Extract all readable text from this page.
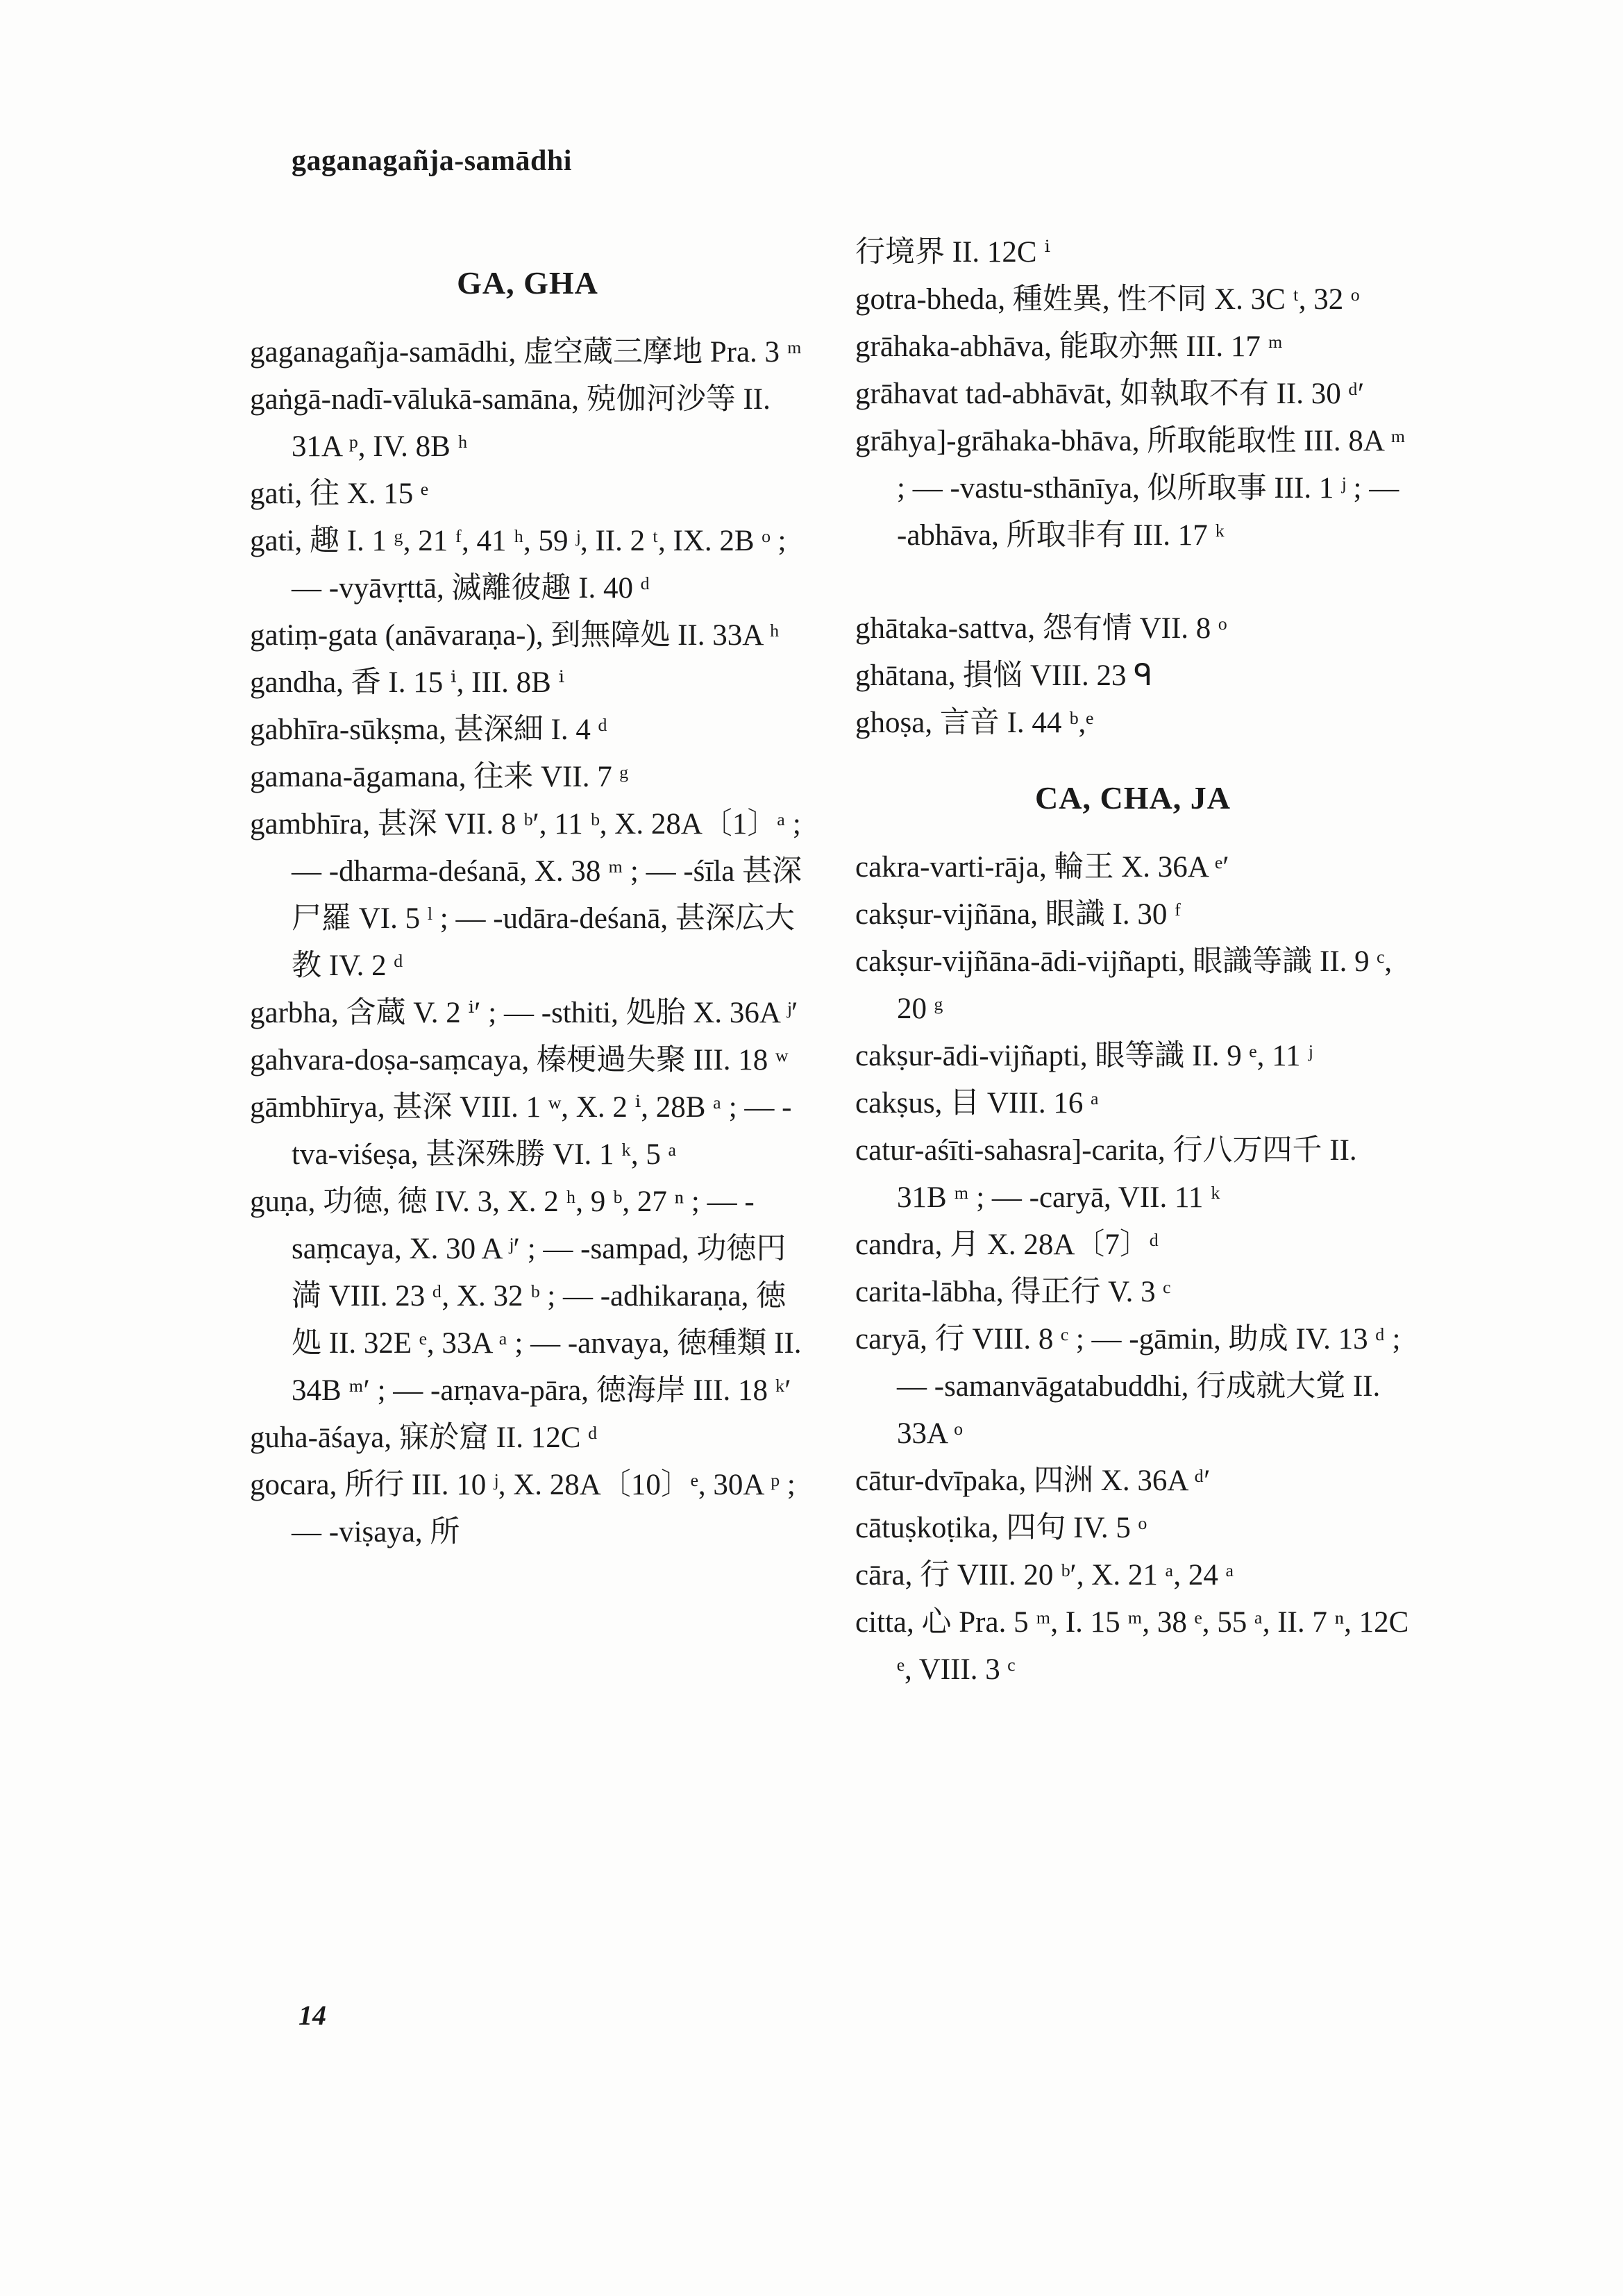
gaganagañja-samādhi
GA, GHA
gaganagañja-samādhi, 虚空蔵三摩地 Pra. 3 ᵐ
gaṅgā-nadī-vālukā-samāna, 殑伽河沙等 II. 31A ᵖ, IV. 8B ʰ
gati, 往 X. 15 ᵉ
gati, 趣 I. 1 ᵍ, 21 ᶠ, 41 ʰ, 59 ʲ, II. 2 ᵗ, IX. 2B ᵒ ; — -vyāvṛttā, 滅離彼趣 I. 40 ᵈ
gatiṃ-gata (anāvaraṇa-), 到無障処 II. 33A ʰ
gandha, 香 I. 15 ⁱ, III. 8B ⁱ
gabhīra-sūkṣma, 甚深細 I. 4 ᵈ
gamana-āgamana, 往来 VII. 7 ᵍ
gambhīra, 甚深 VII. 8 ᵇ′, 11 ᵇ, X. 28A〔1〕ᵃ ; — -dharma-deśanā, X. 38 ᵐ ; — -śīla 甚深尸羅 VI. 5 ˡ ; — -udāra-deśanā, 甚深広大教 IV. 2 ᵈ
garbha, 含蔵 V. 2 ⁱ′ ; — -sthiti, 処胎 X. 36A ʲ′
gahvara-doṣa-saṃcaya, 榛梗過失聚 III. 18 ʷ
gāmbhīrya, 甚深 VIII. 1 ʷ, X. 2 ⁱ, 28B ᵃ ; — -tva-viśeṣa, 甚深殊勝 VI. 1 ᵏ, 5 ᵃ
guṇa, 功徳, 徳 IV. 3, X. 2 ʰ, 9 ᵇ, 27 ⁿ ; — -saṃcaya, X. 30 A ʲ′ ; — -sampad, 功徳円満 VIII. 23 ᵈ, X. 32 ᵇ ; — -adhikaraṇa, 徳処 II. 32E ᵉ, 33A ᵃ ; — -anvaya, 徳種類 II. 34B ᵐ′ ; — -arṇava-pāra, 徳海岸 III. 18 ᵏ′
guha-āśaya, 寐於窟 II. 12C ᵈ
gocara, 所行 III. 10 ʲ, X. 28A〔10〕ᵉ, 30A ᵖ ; — -viṣaya, 所
行境界 II. 12C ⁱ
gotra-bheda, 種姓異, 性不同 X. 3C ᵗ, 32 ᵒ
grāhaka-abhāva, 能取亦無 III. 17 ᵐ
grāhavat tad-abhāvāt, 如執取不有 II. 30 ᵈ′
grāhya]-grāhaka-bhāva, 所取能取性 III. 8A ᵐ ; — -vastu-sthānīya, 似所取事 III. 1 ʲ ; — -abhāva, 所取非有 III. 17 ᵏ
ghātaka-sattva, 怨有情 VII. 8 ᵒ
ghātana, 損悩 VIII. 23 ᑫ
ghoṣa, 言音 I. 44 ᵇ,ᵉ
CA, CHA, JA
cakra-varti-rāja, 輪王 X. 36A ᵉ′
cakṣur-vijñāna, 眼識 I. 30 ᶠ
cakṣur-vijñāna-ādi-vijñapti, 眼識等識 II. 9 ᶜ, 20 ᵍ
cakṣur-ādi-vijñapti, 眼等識 II. 9 ᵉ, 11 ʲ
cakṣus, 目 VIII. 16 ᵃ
catur-aśīti-sahasra]-carita, 行八万四千 II. 31B ᵐ ; — -caryā, VII. 11 ᵏ
candra, 月 X. 28A〔7〕ᵈ
carita-lābha, 得正行 V. 3 ᶜ
caryā, 行 VIII. 8 ᶜ ; — -gāmin, 助成 IV. 13 ᵈ ; — -samanvāgatabuddhi, 行成就大覚 II. 33A ᵒ
cātur-dvīpaka, 四洲 X. 36A ᵈ′
cātuṣkoṭika, 四句 IV. 5 ᵒ
cāra, 行 VIII. 20 ᵇ′, X. 21 ᵃ, 24 ᵃ
citta, 心 Pra. 5 ᵐ, I. 15 ᵐ, 38 ᵉ, 55 ᵃ, II. 7 ⁿ, 12C ᵉ, VIII. 3 ᶜ
14
